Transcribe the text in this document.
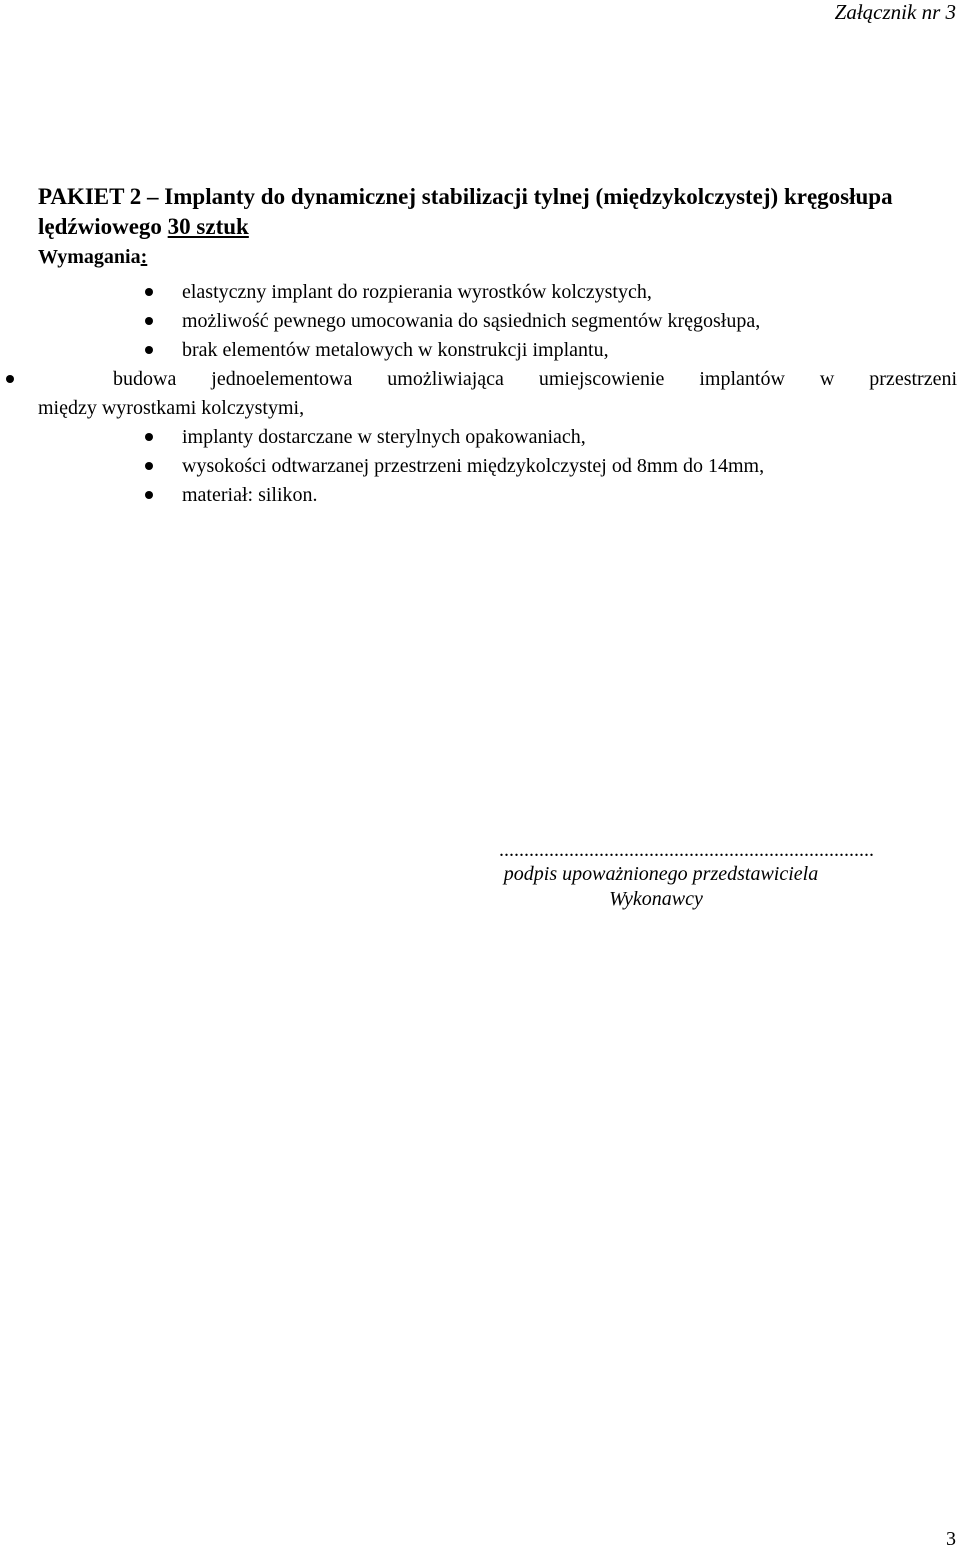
Załącznik nr 3
PAKIET 2 – Implanty do dynamicznej stabilizacji tylnej (międzykolczystej) kręgosłupa lędźwiowego 30 sztuk
Wymagania:
elastyczny implant do rozpierania wyrostków kolczystych,
możliwość pewnego umocowania do sąsiednich segmentów kręgosłupa,
brak elementów metalowych w konstrukcji implantu,
budowa jednoelementowa umożliwiająca umiejscowienie implantów w przestrzeni
między wyrostkami kolczystymi,
implanty dostarczane w sterylnych opakowaniach,
wysokości odtwarzanej przestrzeni międzykolczystej od 8mm do 14mm,
materiał: silikon.
...........................................................................
podpis upoważnionego przedstawiciela
Wykonawcy
3
